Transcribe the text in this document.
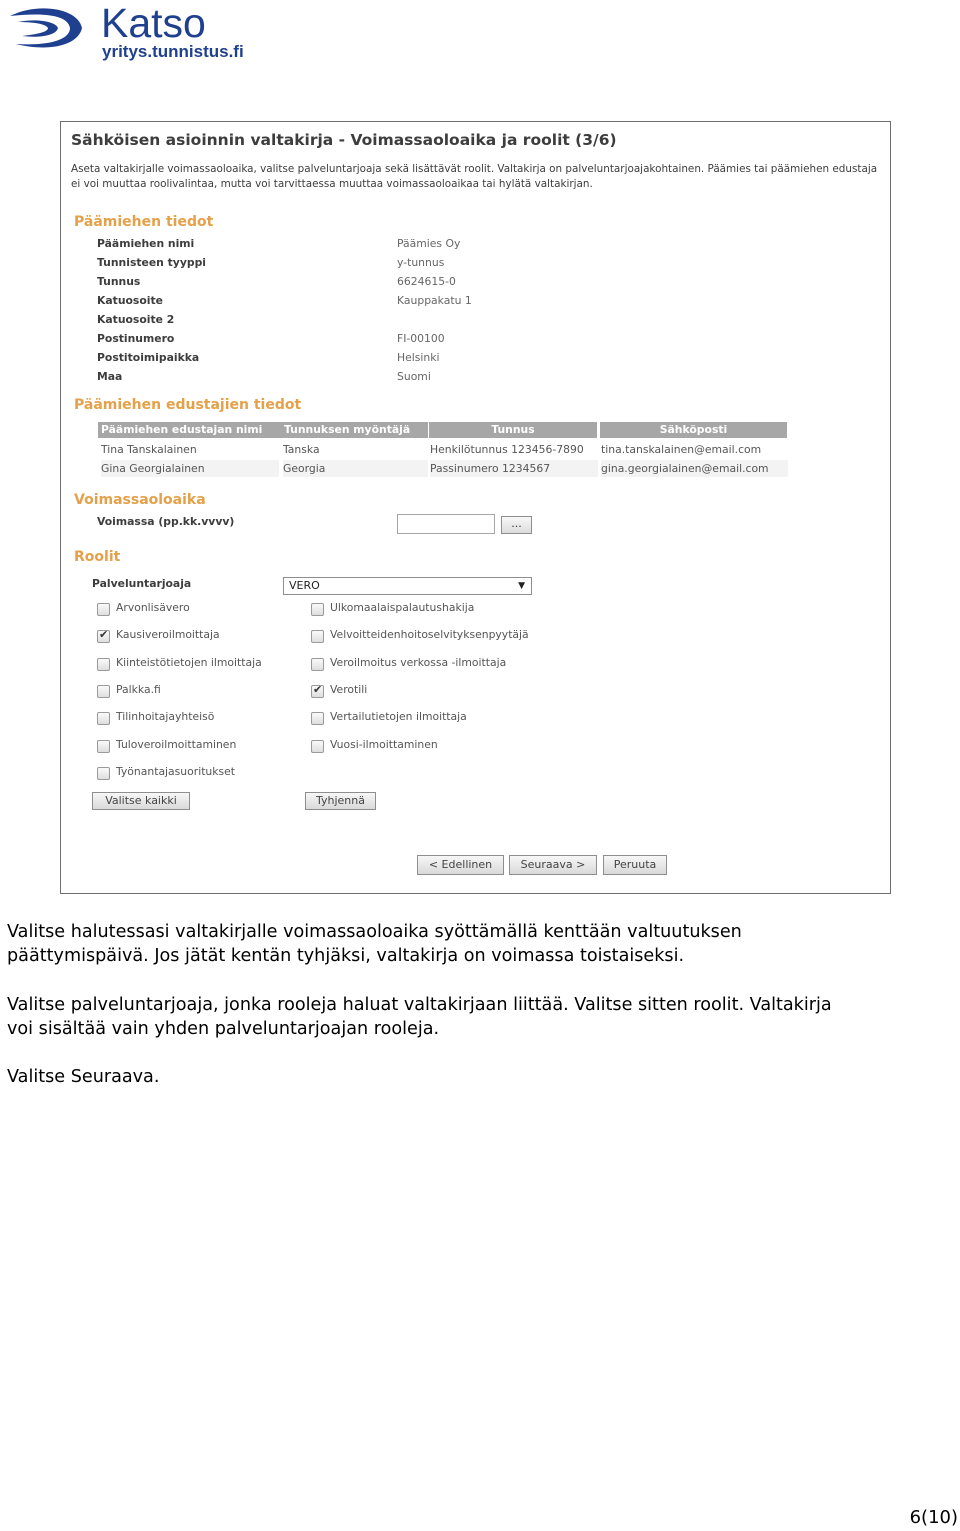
Katso
yritys.tunnistus.fi
Sähköisen asioinnin valtakirja - Voimassaoloaika ja roolit (3/6)
Aseta valtakirjalle voimassaoloaika, valitse palveluntarjoaja sekä lisättävät roolit. Valtakirja on palveluntarjoajakohtainen. Päämies tai päämiehen edustaja ei voi muuttaa roolivalintaa, mutta voi tarvittaessa muuttaa voimassaoloaikaa tai hylätä valtakirjan.
Päämiehen tiedot
Päämiehen nimi	Päämies Oy
Tunnisteen tyyppi	y-tunnus
Tunnus	6624615-0
Katuosoite	Kauppakatu 1
Katuosoite 2
Postinumero	FI-00100
Postitoimipaikka	Helsinki
Maa	Suomi
Päämiehen edustajien tiedot
Päämiehen edustajan nimi	Tunnuksen myöntäjä	Tunnus	Sähköposti
Tina Tanskalainen	Tanska	Henkilötunnus 123456-7890	tina.tanskalainen@email.com
Gina Georgialainen	Georgia	Passinumero 1234567	gina.georgialainen@email.com
Voimassaoloaika
Voimassa (pp.kk.vvvv)	...
Roolit
Palveluntarjoaja	VERO	▼
Arvonlisävero
✔ Kausiveroilmoittaja
Kiinteistötietojen ilmoittaja
Palkka.fi
Tilinhoitajayhteisö
Tuloveroilmoittaminen
Työnantajasuoritukset
Ulkomaalaispalautushakija
Velvoitteidenhoitoselvityksenpyytäjä
Veroilmoitus verkossa -ilmoittaja
✔ Verotili
Vertailutietojen ilmoittaja
Vuosi-ilmoittaminen
Valitse kaikki	Tyhjennä
< Edellinen	Seuraava >	Peruuta
Valitse halutessasi valtakirjalle voimassaoloaika syöttämällä kenttään valtuutuksen
päättymispäivä. Jos jätät kentän tyhjäksi, valtakirja on voimassa toistaiseksi.
Valitse palveluntarjoaja, jonka rooleja haluat valtakirjaan liittää. Valitse sitten roolit. Valtakirja
voi sisältää vain yhden palveluntarjoajan rooleja.
Valitse Seuraava.
6(10)
